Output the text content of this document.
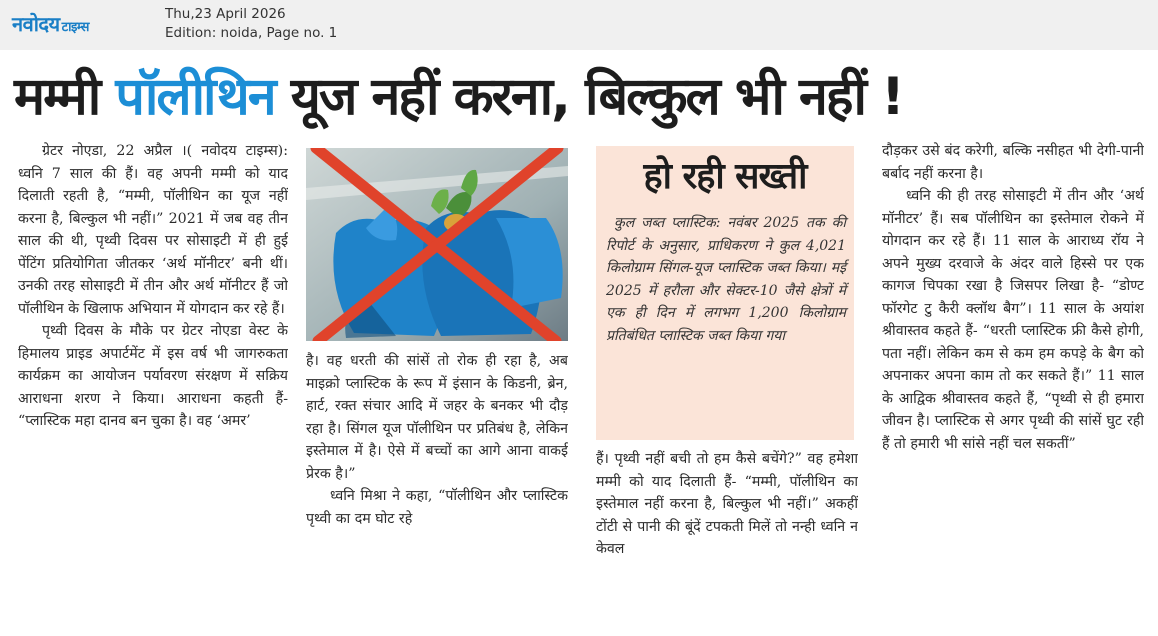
नवोदय टाइम्स
Thu,23 April 2026
Edition: noida, Page no. 1
मम्मी पॉलीथिन यूज नहीं करना, बिल्कुल भी नहीं !

ग्रेटर नोएडा, 22 अप्रैल ।( नवोदय टाइम्स): ध्वनि 7 साल की हैं। वह अपनी मम्मी को याद दिलाती रहती है, “मम्मी, पॉलीथिन का यूज नहीं करना है, बिल्कुल भी नहीं।” 2021 में जब वह तीन साल की थी, पृथ्वी दिवस पर सोसाइटी में ही हुई पेंटिंग प्रतियोगिता जीतकर ‘अर्थ मॉनीटर’ बनी थीं। उनकी तरह सोसाइटी में तीन और अर्थ मॉनीटर हैं जो पॉलीथिन के खिलाफ अभियान में योगदान कर रहे हैं।

पृथ्वी दिवस के मौके पर ग्रेटर नोएडा वेस्ट के हिमालय प्राइड अपार्टमेंट में इस वर्ष भी जागरुकता कार्यक्रम का आयोजन पर्यावरण संरक्षण में सक्रिय आराधना शरण ने किया। आराधना कहती हैं- “प्लास्टिक महा दानव बन चुका है। वह ‘अमर’

है। वह धरती की सांसें तो रोक ही रहा है, अब माइक्रो प्लास्टिक के रूप में इंसान के किडनी, ब्रेन, हार्ट, रक्त संचार आदि में जहर के बनकर भी दौड़ रहा है। सिंगल यूज पॉलीथिन पर प्रतिबंध है, लेकिन इस्तेमाल में है। ऐसे में बच्चों का आगे आना वाकई प्रेरक है।”

ध्वनि मिश्रा ने कहा, “पॉलीथिन और प्लास्टिक पृथ्वी का दम घोट रहे

हो रही सख्ती
कुल जब्त प्लास्टिक: नवंबर 2025 तक की रिपोर्ट के अनुसार, प्राधिकरण ने कुल 4,021 किलोग्राम सिंगल-यूज प्लास्टिक जब्त किया। मई 2025 में हरौला और सेक्टर-10 जैसे क्षेत्रों में एक ही दिन में लगभग 1,200 किलोग्राम प्रतिबंधित प्लास्टिक जब्त किया गया

हैं। पृथ्वी नहीं बची तो हम कैसे बचेंगे?” वह हमेशा मम्मी को याद दिलाती हैं- “मम्मी, पॉलीथिन का इस्तेमाल नहीं करना है, बिल्कुल भी नहीं।” अकहीं टोंटी से पानी की बूंदें टपकती मिलें तो नन्ही ध्वनि न केवल

दौड़कर उसे बंद करेगी, बल्कि नसीहत भी देगी-पानी बर्बाद नहीं करना है।

ध्वनि की ही तरह सोसाइटी में तीन और ‘अर्थ मॉनीटर’ हैं। सब पॉलीथिन का इस्तेमाल रोकने में योगदान कर रहे हैं। 11 साल के आराध्य रॉय ने अपने मुख्य दरवाजे के अंदर वाले हिस्से पर एक कागज चिपका रखा है जिसपर लिखा है- “डोण्ट फॉरगेट टु कैरी क्लॉथ बैग”। 11 साल के अयांश श्रीवास्तव कहते हैं- “धरती प्लास्टिक फ्री कैसे होगी, पता नहीं। लेकिन कम से कम हम कपड़े के बैग को अपनाकर अपना काम तो कर सकते हैं।” 11 साल के आद्विक श्रीवास्तव कहते हैं, “पृथ्वी से ही हमारा जीवन है। प्लास्टिक से अगर पृथ्वी की सांसें घुट रही हैं तो हमारी भी सांसे नहीं चल सकतीं”
